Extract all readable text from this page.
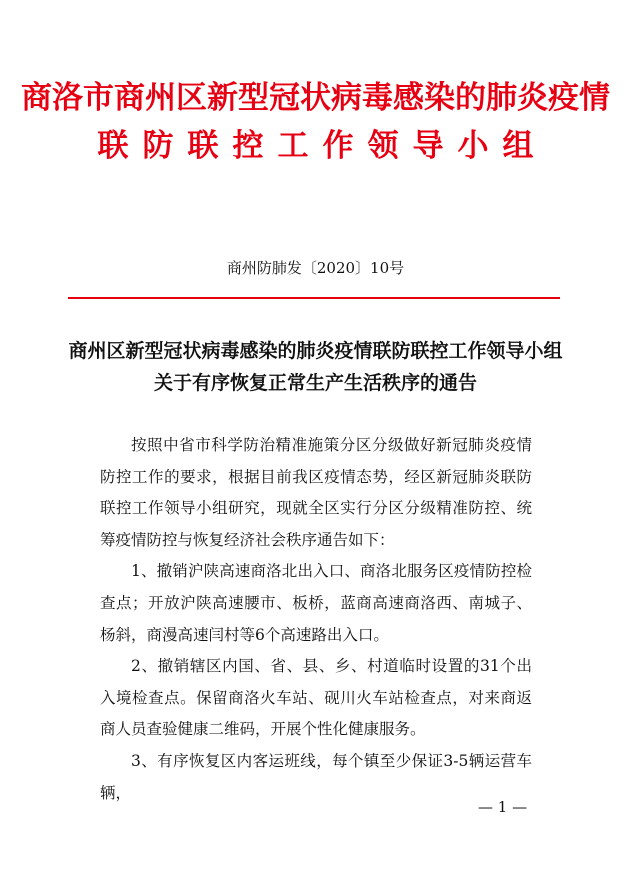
商洛市商州区新型冠状病毒感染的肺炎疫情
联防联控工作领导小组
商州防肺发〔2020〕10号
商州区新型冠状病毒感染的肺炎疫情联防联控工作领导小组
关于有序恢复正常生产生活秩序的通告

按照中省市科学防治精准施策分区分级做好新冠肺炎疫情防控工作的要求，根据目前我区疫情态势，经区新冠肺炎联防联控工作领导小组研究，现就全区实行分区分级精准防控、统筹疫情防控与恢复经济社会秩序通告如下：

1、撤销沪陕高速商洛北出入口、商洛北服务区疫情防控检查点；开放沪陕高速腰市、板桥，蓝商高速商洛西、南城子、杨斜，商漫高速闫村等6个高速路出入口。

2、撤销辖区内国、省、县、乡、村道临时设置的31个出入境检查点。保留商洛火车站、砚川火车站检查点，对来商返商人员查验健康二维码，开展个性化健康服务。

3、有序恢复区内客运班线，每个镇至少保证3-5辆运营车辆，

— 1 —
